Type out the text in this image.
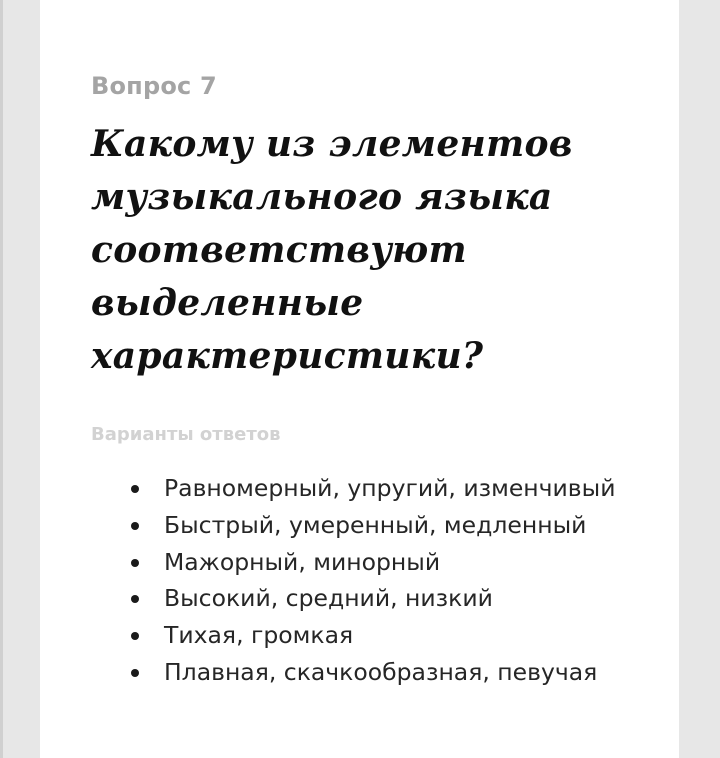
Вопрос 7
Какому из элементов музыкального языка соответствуют выделенные характеристики?

Варианты ответов

Равномерный, упругий, изменчивый
Быстрый, умеренный, медленный
Мажорный, минорный
Высокий, средний, низкий
Тихая, громкая
Плавная, скачкообразная, певучая
